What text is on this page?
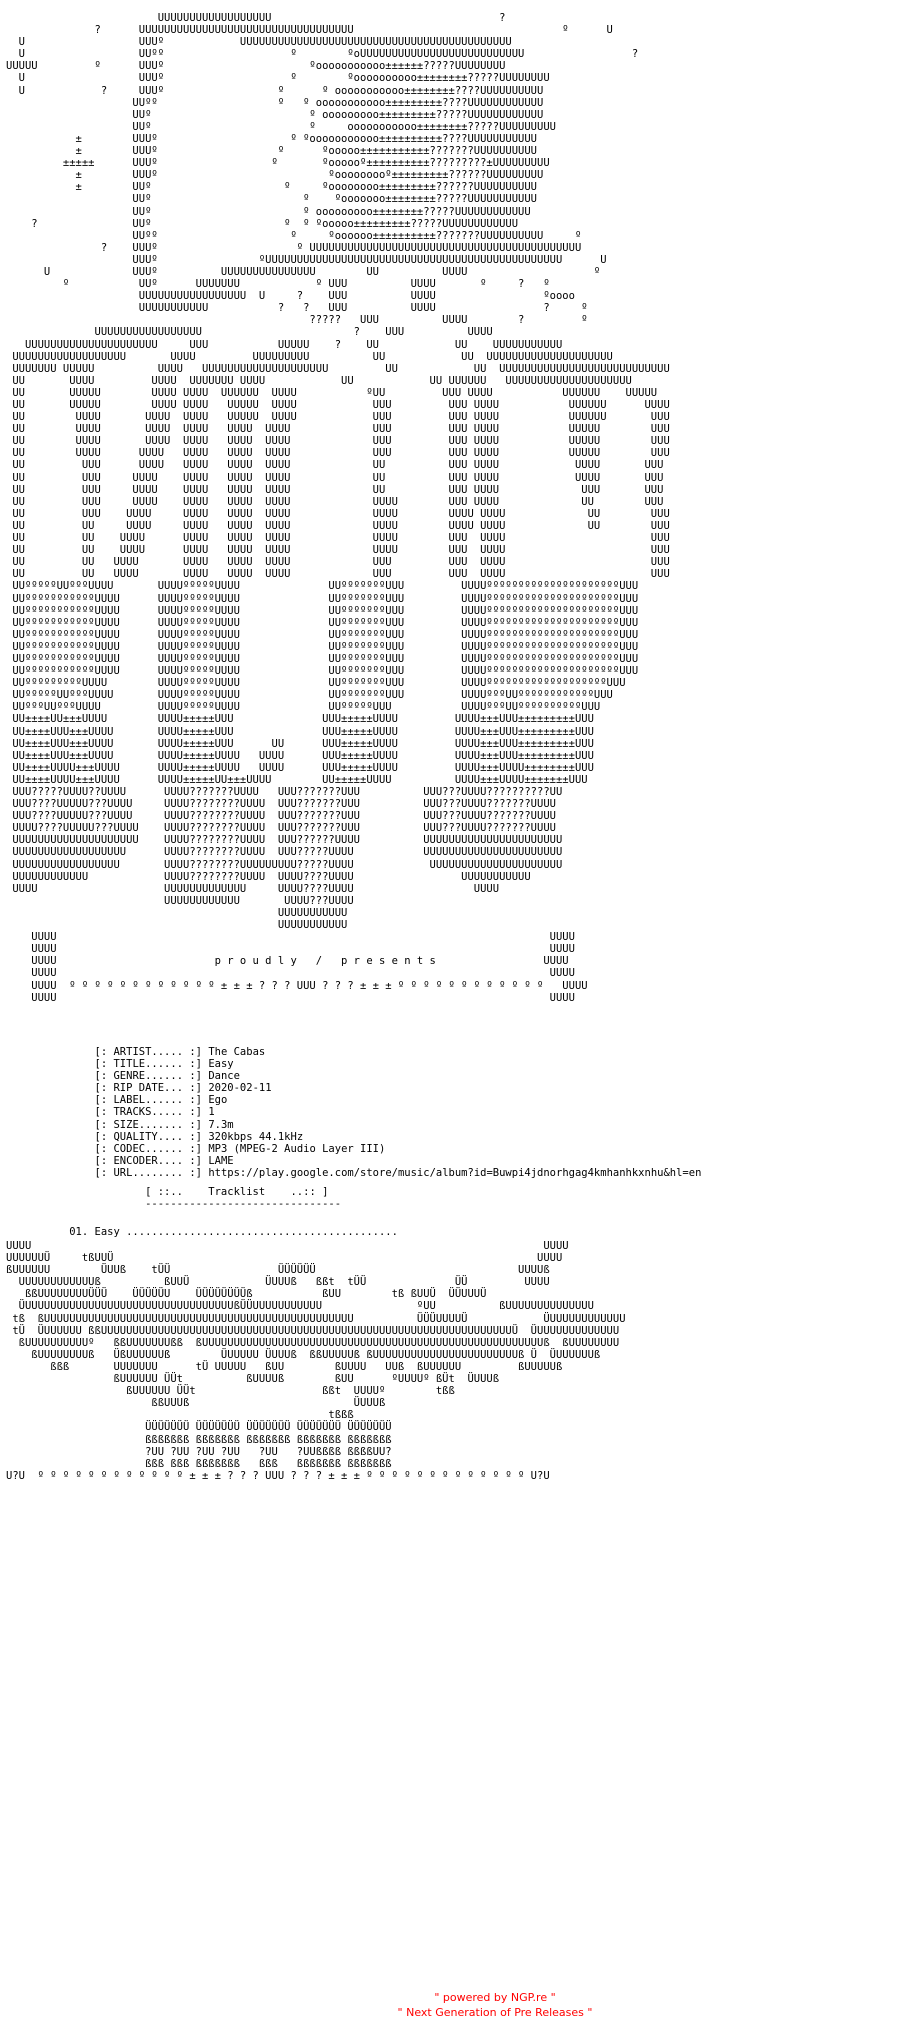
UUUUUUUUUUUUUUUUUU                                    ?
?      UUUUUUUUUUUUUUUUUUUUUUUUUUUUUUUUUU                                 º      U
U                  UUUº            UUUUUUUUUUUUUUUUUUUUUUUUUUUUUUUUUUUUUUUUUUU
U                  UUºº                    º        ºoUUUUUUUUUUUUUUUUUUUUUUUUUU                 ?
UUUUU         º      UUUº                       ºooooooooooo±±±±±±?????UUUUUUUU
U                  UUUº                    º        ºoooooooooo±±±±±±±±?????UUUUUUUU
U            ?     UUUº                  º      º ooooooooooo±±±±±±±±????UUUUUUUUUU
UUºº                   º   º ooooooooooo±±±±±±±±±????UUUUUUUUUUUU
UUº                         º ooooooooo±±±±±±±±±?????UUUUUUUUUUUU
UUº                         º     ooooooooooo±±±±±±±±?????UUUUUUUUU
±        UUUº                     º ºooooooooooo±±±±±±±±±±????UUUUUUUUUUU
±        UUUº                   º      ºooooo±±±±±±±±±±±???????UUUUUUUUUU
±±±±±      UUUº                  º       ºoooooº±±±±±±±±±±?????????±UUUUUUUUU
±        UUUº                           ºooooooooº±±±±±±±±±??????UUUUUUUUU
±        UUº                     º     ºoooooooo±±±±±±±±±??????UUUUUUUUUU
UUº                        º    ºooooooo±±±±±±±±?????UUUUUUUUUUU
UUº                        º ooooooooo±±±±±±±±?????UUUUUUUUUUUU
?               UUº                     º  º ºooooo±±±±±±±±±?????UUUUUUUUUUUU
UUºº                     º     ºoooooo±±±±±±±±±±???????UUUUUUUUUU     º
?    UUUº                      º UUUUUUUUUUUUUUUUUUUUUUUUUUUUUUUUUUUUUUUUUUU
UUUº                ºUUUUUUUUUUUUUUUUUUUUUUUUUUUUUUUUUUUUUUUUUUUUUUU      U
U             UUUº          UUUUUUUUUUUUUUU        UU          UUUU                    º
º           UUº      UUUUUUU            º UUU          UUUU       º     ?   º
UUUUUUUUUUUUUUUUU  U     ?    UUU          UUUU                 ºoooo
UUUUUUUUUUU           ?   ?   UUU          UUUU                 ?     º
?????   UUU          UUUU        ?         º
UUUUUUUUUUUUUUUUU                        ?    UUU          UUUU
UUUUUUUUUUUUUUUUUUUUU     UUU           UUUUU    ?    UU            UU    UUUUUUUUUUU
UUUUUUUUUUUUUUUUUU       UUUU         UUUUUUUUU          UU            UU  UUUUUUUUUUUUUUUUUUUU
UUUUUUU UUUUU          UUUU   UUUUUUUUUUUUUUUUUUUU         UU            UU  UUUUUUUUUUUUUUUUUUUUUUUUUUU
UU       UUUU         UUUU  UUUUUUU UUUU            UU            UU UUUUUU   UUUUUUUUUUUUUUUUUUUU
UU       UUUUU        UUUU UUUU  UUUUUU  UUUU           ºUU         UUU UUUU           UUUUUU    UUUUU
UU       UUUUU        UUUU UUUU   UUUUU  UUUU            UUU         UUU UUUU           UUUUUU      UUUU
UU        UUUU       UUUU  UUUU   UUUUU  UUUU            UUU         UUU UUUU           UUUUUU       UUU
UU        UUUU       UUUU  UUUU   UUUU  UUUU             UUU         UUU UUUU           UUUUU        UUU
UU        UUUU       UUUU  UUUU   UUUU  UUUU             UUU         UUU UUUU           UUUUU        UUU
UU        UUUU      UUUU   UUUU   UUUU  UUUU             UUU         UUU UUUU           UUUUU        UUU
UU         UUU      UUUU   UUUU   UUUU  UUUU             UU          UUU UUUU            UUUU       UUU
UU         UUU     UUUU    UUUU   UUUU  UUUU             UU          UUU UUUU            UUUU       UUU
UU         UUU     UUUU    UUUU   UUUU  UUUU             UU          UUU UUUU             UUU       UUU
UU         UUU     UUUU    UUUU   UUUU  UUUU             UUUU        UUU UUUU             UU        UUU
UU         UUU    UUUU     UUUU   UUUU  UUUU             UUUU        UUUU UUUU             UU        UUU
UU         UU     UUUU     UUUU   UUUU  UUUU             UUUU        UUUU UUUU             UU        UUU
UU         UU    UUUU      UUUU   UUUU  UUUU             UUUU        UUU  UUUU                       UUU
UU         UU    UUUU      UUUU   UUUU  UUUU             UUUU        UUU  UUUU                       UUU
UU         UU   UUUU       UUUU   UUUU  UUUU             UUU         UUU  UUUU                       UUU
UU         UU   UUUU       UUUU   UUUU  UUUU             UUU         UUU  UUUU                       UUU
UUºººººUUºººUUUU       UUUUºººººUUUU              UUºººººººUUU         UUUUºººººººººººººººººººººUUU
UUºººººººººººUUUU      UUUUºººººUUUU              UUºººººººUUU         UUUUºººººººººººººººººººººUUU
UUºººººººººººUUUU      UUUUºººººUUUU              UUºººººººUUU         UUUUºººººººººººººººººººººUUU
UUºººººººººººUUUU      UUUUºººººUUUU              UUºººººººUUU         UUUUºººººººººººººººººººººUUU
UUºººººººººººUUUU      UUUUºººººUUUU              UUºººººººUUU         UUUUºººººººººººººººººººººUUU
UUºººººººººººUUUU      UUUUºººººUUUU              UUºººººººUUU         UUUUºººººººººººººººººººººUUU
UUºººººººººººUUUU      UUUUºººººUUUU              UUºººººººUUU         UUUUºººººººººººººººººººººUUU
UUºººººººººººUUUU      UUUUºººººUUUU              UUºººººººUUU         UUUUºººººººººººººººººººººUUU
UUºººººººººUUUU        UUUUºººººUUUU              UUºººººººUUU         UUUUºººººººººººººººººººUUU
UUºººººUUºººUUUU       UUUUºººººUUUU              UUºººººººUUU         UUUUºººUUººººººººººººUUU
UUºººUUºººUUUU         UUUUºººººUUUU              UUºººººUUU           UUUUºººUUººººººººººUUU
UU±±±±UU±±±UUUU        UUUU±±±±±UUU              UUU±±±±±UUUU         UUUU±±±UUU±±±±±±±±±UUU
UU±±±±UUU±±±UUUU       UUUU±±±±±UUU              UUU±±±±±UUUU         UUUU±±±UUU±±±±±±±±±UUU
UU±±±±UUU±±±UUUU       UUUU±±±±±UUU      UU      UUU±±±±±UUUU         UUUU±±±UUU±±±±±±±±±UUU
UU±±±±UUU±±±UUUU       UUUU±±±±±UUUU   UUUU      UUU±±±±±UUUU         UUUU±±±UUU±±±±±±±±±UUU
UU±±±±UUUU±±±UUUU      UUUU±±±±±UUUU   UUUU      UUU±±±±±UUUU         UUUU±±±UUUU±±±±±±±±UUU
UU±±±±UUUU±±±UUUU      UUUU±±±±±UU±±±UUUU        UU±±±±±UUUU          UUUU±±±UUUU±±±±±±±UUU
UUU?????UUUU??UUUU      UUUU???????UUUU   UUU???????UUU          UUU???UUUU??????????UU
UUU????UUUUU???UUUU     UUUU????????UUUU  UUU???????UUU          UUU???UUUU???????UUUU
UUU????UUUUU???UUUU     UUUU????????UUUU  UUU???????UUU          UUU???UUUU???????UUUU
UUUU????UUUUU???UUUU    UUUU????????UUUU  UUU???????UUU          UUU???UUUU???????UUUU
UUUUUUUUUUUUUUUUUUUU    UUUU????????UUUU  UUU??????UUUU          UUUUUUUUUUUUUUUUUUUUUU
UUUUUUUUUUUUUUUUUU      UUUU????????UUUU  UUU?????UUUU           UUUUUUUUUUUUUUUUUUUUUU
UUUUUUUUUUUUUUUUU       UUUU????????UUUUUUUUU?????UUUU            UUUUUUUUUUUUUUUUUUUUU
UUUUUUUUUUUU            UUUU????????UUUU  UUUU????UUUU                 UUUUUUUUUUU
UUUU                    UUUUUUUUUUUUU     UUUU????UUUU                   UUUU
UUUUUUUUUUUU       UUUU???UUUU
UUUUUUUUUUU
UUUUUUUUUUU
UUUU                                                                              UUUU
UUUU                                                                              UUUU
UUUU                         p r o u d l y   /   p r e s e n t s                 UUUU
UUUU                                                                              UUUU
UUUU  º º º º º º º º º º º º ± ± ± ? ? ? UUU ? ? ? ± ± ± º º º º º º º º º º º º   UUUU
UUUU                                                                              UUUU
[: ARTIST..... :] The Cabas
[: TITLE...... :] Easy
[: GENRE...... :] Dance
[: RIP DATE... :] 2020-02-11
[: LABEL...... :] Ego
[: TRACKS..... :] 1
[: SIZE....... :] 7.3m
[: QUALITY.... :] 320kbps 44.1kHz
[: CODEC...... :] MP3 (MPEG-2 Audio Layer III)
[: ENCODER.... :] LAME
[: URL........ :] https://play.google.com/store/music/album?id=Buwpi4jdnorhgag4kmhanhkxnhu&hl=en
[ ::..    Tracklist    ..:: ]
-------------------------------
01. Easy ...........................................
UUUU                                                                                 UUUU
UUUUUUÜ     tßUUÜ                                                                   UUUU
ßUUUUUU        ÜUUß    tÜÜ                 ÜÜÜÜÜÜ                                UUUUß
UUUUUUUUUUUUß          ßUUÜ            ÜUUUß   ßßt  tÜÜ              ÜÜ         UUUU
ßßUUUUUUUUÜÜÜ    ÜÜÜÜÜU    ÜÜÜÜÜÜÜÜß           ßUU        tß ßUUÜ  ÜÜUUUÜ
ÜUUUUUUUUUUUUUUUUUUUUUUUUUUUUUUUUUßÜÜUUUUUUUUUUU               ºUU          ßUUUUUUUUUUUUUU
tß  ßUUUUUUUUUUUUUUUUUUUUUUUUUUUUUUUUUUUUUUUUUUUUUUUUU          ÜÜÜUUUUÜ            ÜUUUUUUUUUUUU
tÜ  ÜUUUUUU ßßUUUUUUUUUUUUUUUUUUUUUUUUUUUUUUUUUUUUUUUUUUUUUUUUUUUUUUUUUUUUUUUUUÜ  ÜUUUUUUUUUUUUU
ßUUUUUUUUUUº   ßßUUUUUUUßß  ßUUUUUUUUUUUUUUUUUUUUUUUUUUUUUUUUUUUUUUUUUUUUUUUUUUUUUUß  ßUUUUUUUU
ßUUUUUUUUß   ÜßUUUUUUß        ÜUUUUU ÜUUUß  ßßUUUUUß ßUUUUUUUUUUUUUUUUUUUUUUUß Ü  ÜUUUUUUß
ßßß       UUUUUUU      tÜ UUUUU   ßUU        ßUUUU   UUß  ßUUUUUU         ßUUUUUß
ßUUUUUU ÜÜt          ßUUUUß        ßUU      ºUUUUº ßÜt  ÜUUUß
ßUUUUUU ÜÜt                    ßßt  UUUUº        tßß
ßßUUUß                          ÜUUUß
tßßß
ÜÜÜÜÜÜÜ ÜÜÜÜÜÜÜ ÜÜÜÜÜÜÜ ÜÜÜÜÜÜÜ ÜÜÜÜÜÜÜ
ßßßßßßß ßßßßßßß ßßßßßßß ßßßßßßß ßßßßßßß
?UU ?UU ?UU ?UU   ?UU   ?UUßßßß ßßßßUU?
ßßß ßßß ßßßßßßß   ßßß   ßßßßßßß ßßßßßßß
U?U  º º º º º º º º º º º º ± ± ± ? ? ? UUU ? ? ? ± ± ± º º º º º º º º º º º º º U?U
" powered by NGP.re "
" Next Generation of Pre Releases "
